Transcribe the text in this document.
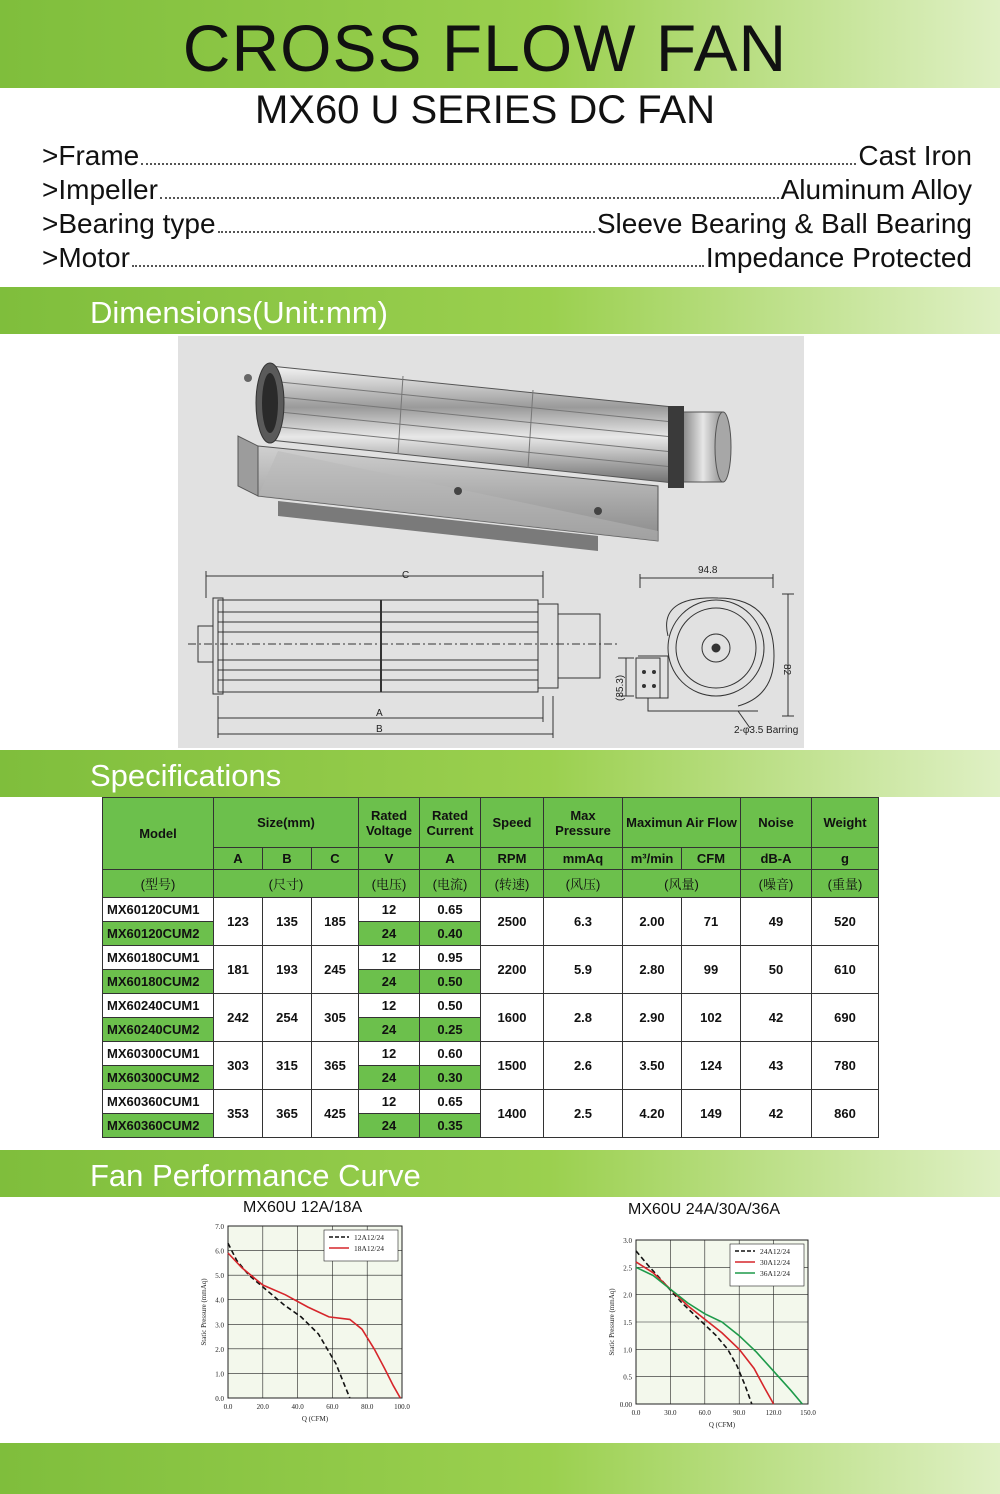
CROSS FLOW FAN
MX60 U SERIES DC FAN
>Frame	Cast Iron
>Impeller	Aluminum Alloy
>Bearing type	Sleeve Bearing & Ball Bearing
>Motor	Impedance Protected
Dimensions(Unit:mm)
C
A
B
94.8
82
(35.3)
2-φ3.5 Barring
Specifications
Model	Size(mm)			Rated Voltage	Rated Current	Speed	Max Pressure	Maximun Air Flow		Noise	Weight
	A	B	C	V	A	RPM	mmAq	m³/min	CFM	dB-A	g
(型号)	(尺寸)			(电压)	(电流)	(转速)	(风压)	(风量)		(噪音)	(重量)
MX60120CUM1	123	135	185	12	0.65	2500	6.3	2.00	71	49	520
MX60120CUM2				24	0.40						
MX60180CUM1	181	193	245	12	0.95	2200	5.9	2.80	99	50	610
MX60180CUM2				24	0.50						
MX60240CUM1	242	254	305	12	0.50	1600	2.8	2.90	102	42	690
MX60240CUM2				24	0.25						
MX60300CUM1	303	315	365	12	0.60	1500	2.6	3.50	124	43	780
MX60300CUM2				24	0.30						
MX60360CUM1	353	365	425	12	0.65	1400	2.5	4.20	149	42	860
MX60360CUM2				24	0.35						
Fan Performance Curve
MX60U 12A/18A	MX60U 24A/30A/36A
0.0
1.0
2.0
3.0
4.0
5.0
6.0
7.0
0.0	20.0	40.0	60.0	80.0	100.0
Q (CFM)
Static Pressure (mmAq)
12A12/24
18A12/24
0.00
0.5
1.0
1.5
2.0
2.5
3.0
0.0	30.0	60.0	90.0	120.0	150.0
Q (CFM)
Static Pressure (mmAq)
24A12/24
30A12/24
36A12/24
